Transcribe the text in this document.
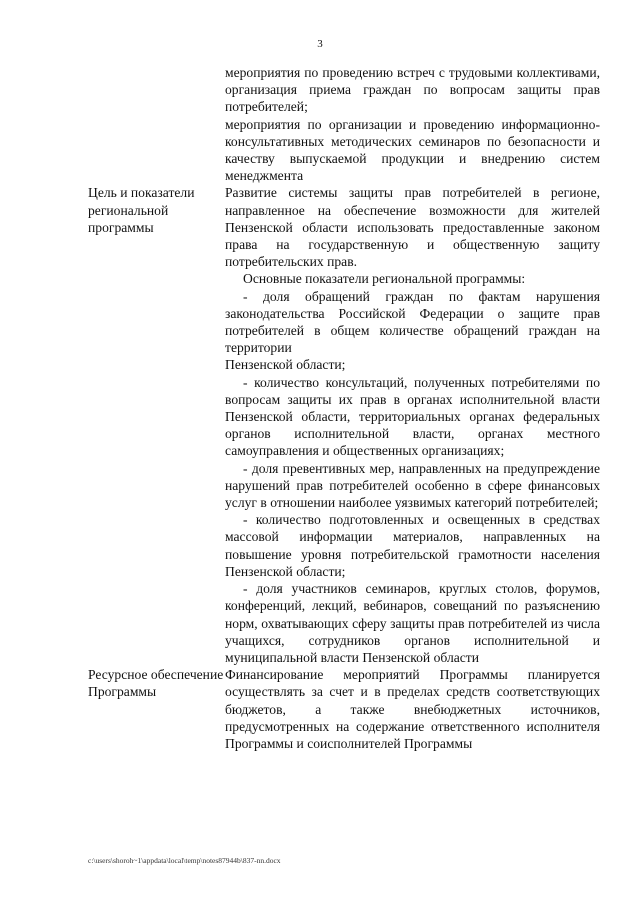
3

мероприятия по проведению встреч с трудовыми коллективами, организация приема граждан по вопросам защиты прав потребителей;

мероприятия по организации и проведению информационно-консультативных методических семинаров по безопасности и качеству выпускаемой продукции и внедрению систем менеджмента

Цель и показатели региональной программы

Развитие системы защиты прав потребителей в регионе, направленное на обеспечение возможности для жителей Пензенской области использовать предоставленные законом права на государственную и общественную защиту потребительских прав.

Основные показатели региональной программы:

- доля обращений граждан по фактам нарушения законодательства Российской Федерации о защите прав потребителей в общем количестве обращений граждан на территории

Пензенской области;

- количество консультаций, полученных потребителями по вопросам защиты их прав в органах исполнительной власти Пензенской области, территориальных органах федеральных органов исполнительной власти, органах местного самоуправления и общественных организациях;

- доля превентивных мер, направленных на предупреждение нарушений прав потребителей особенно в сфере финансовых услуг в отношении наиболее уязвимых категорий потребителей;

- количество подготовленных и освещенных в средствах массовой информации материалов, направленных на повышение уровня потребительской грамотности населения Пензенской области;

- доля участников семинаров, круглых столов, форумов, конференций, лекций, вебинаров, совещаний по разъяснению норм, охватывающих сферу защиты прав потребителей из числа учащихся, сотрудников органов исполнительной и муниципальной власти Пензенской области

Ресурсное обеспечение Программы

Финансирование мероприятий Программы планируется осуществлять за счет и в пределах средств соответствующих бюджетов, а также внебюджетных источников, предусмотренных на содержание ответственного исполнителя Программы и соисполнителей Программы

c:\users\shoroh~1\appdata\local\temp\notes87944b\837-nn.docx
